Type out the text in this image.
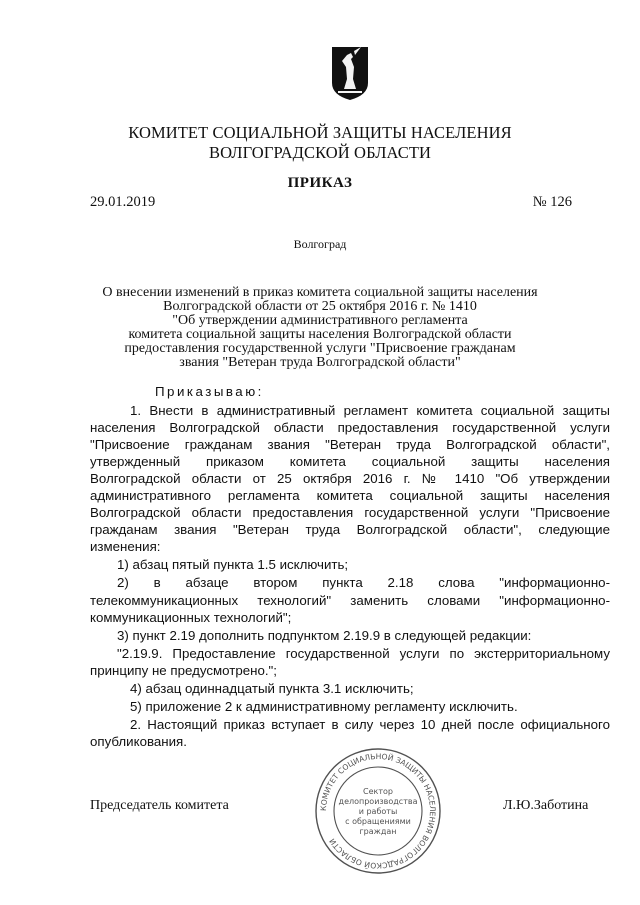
КОМИТЕТ СОЦИАЛЬНОЙ ЗАЩИТЫ НАСЕЛЕНИЯ
ВОЛГОГРАДСКОЙ ОБЛАСТИ
ПРИКАЗ
29.01.2019	№ 126
Волгоград
О внесении изменений в приказ комитета социальной защиты населения
Волгоградской области от 25 октября 2016 г. № 1410
"Об утверждении административного регламента
комитета социальной защиты населения Волгоградской области
предоставления государственной услуги "Присвоение гражданам
звания "Ветеран труда Волгоградской области"
Приказываю:
1. Внести в административный регламент комитета социальной защиты
населения Волгоградской области предоставления государственной услуги
"Присвоение гражданам звания "Ветеран труда Волгоградской области",
утвержденный приказом комитета социальной защиты населения
Волгоградской области от 25 октября 2016 г. № 1410 "Об утверждении
административного регламента комитета социальной защиты населения
Волгоградской области предоставления государственной услуги "Присвоение
гражданам звания "Ветеран труда Волгоградской области", следующие
изменения:
1) абзац пятый пункта 1.5 исключить;
2) в абзаце втором пункта 2.18 слова "информационно-
телекоммуникационных технологий" заменить словами "информационно-
коммуникационных технологий";
3) пункт 2.19 дополнить подпунктом 2.19.9 в следующей редакции:
"2.19.9. Предоставление государственной услуги по экстерриториальному
принципу не предусмотрено.";
4) абзац одиннадцатый пункта 3.1 исключить;
5) приложение 2 к административному регламенту исключить.
2. Настоящий приказ вступает в силу через 10 дней после официального
опубликования.
Председатель комитета	Л.Ю.Заботина
КОМИТЕТ СОЦИАЛЬНОЙ ЗАЩИТЫ НАСЕЛЕНИЯ ВОЛГОГРАДСКОЙ ОБЛАСТИ
Сектор
делопроизводства
и работы
с обращениями
граждан
